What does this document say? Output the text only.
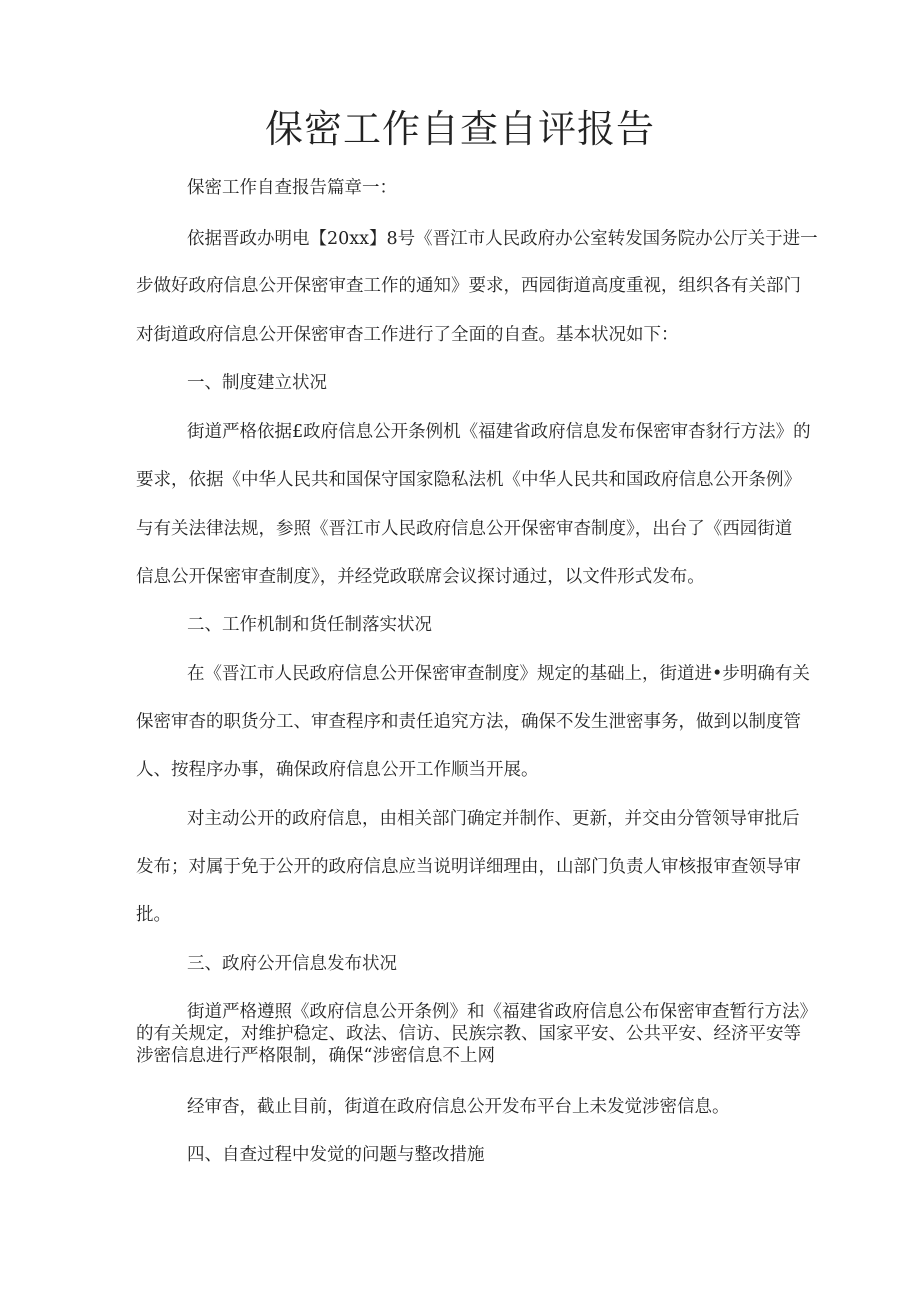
保密工作自查自评报告

保密工作自查报告篇章一：

依据晋政办明电【20xx】8号《晋江市人民政府办公室转发国务院办公厅关于进一

步做好政府信息公开保密审查工作的通知》要求，西园街道高度重视，组织各有关部门

对街道政府信息公开保密审杳工作进行了全面的自查。基本状况如下：

一、制度建立状况

街道严格依据£政府信息公开条例机《福建省政府信息发布保密审杳豺行方法》的

要求，依据《中华人民共和国保守国家隐私法机《中华人民共和国政府信息公开条例》

与有关法律法规，参照《晋江市人民政府信息公开保密审杳制度》，出台了《西园街道

信息公开保密审查制度》，并经党政联席会议探讨通过，以文件形式发布。

二、工作机制和货任制落实状况

在《晋江市人民政府信息公开保密审查制度》规定的基础上，街道进•步明确有关

保密审杳的职货分工、审查程序和责任追究方法，确保不发生泄密事务，做到以制度管

人、按程序办事，确保政府信息公开工作顺当开展。

对主动公开的政府信息，由相关部门确定并制作、更新，并交由分管领导审批后

发布；对属于免于公开的政府信息应当说明详细理由，山部门负责人审核报审查领导审

批。

三、政府公开信息发布状况

街道严格遵照《政府信息公开条例》和《福建省政府信息公布保密审查暂行方法》
的有关规定，对维护稳定、政法、信访、民族宗教、国家平安、公共平安、经济平安等
涉密信息进行严格限制，确保“涉密信息不上网

经审杳，截止目前，街道在政府信息公开发布平台上未发觉涉密信息。

四、自查过程中发觉的问题与整改措施
